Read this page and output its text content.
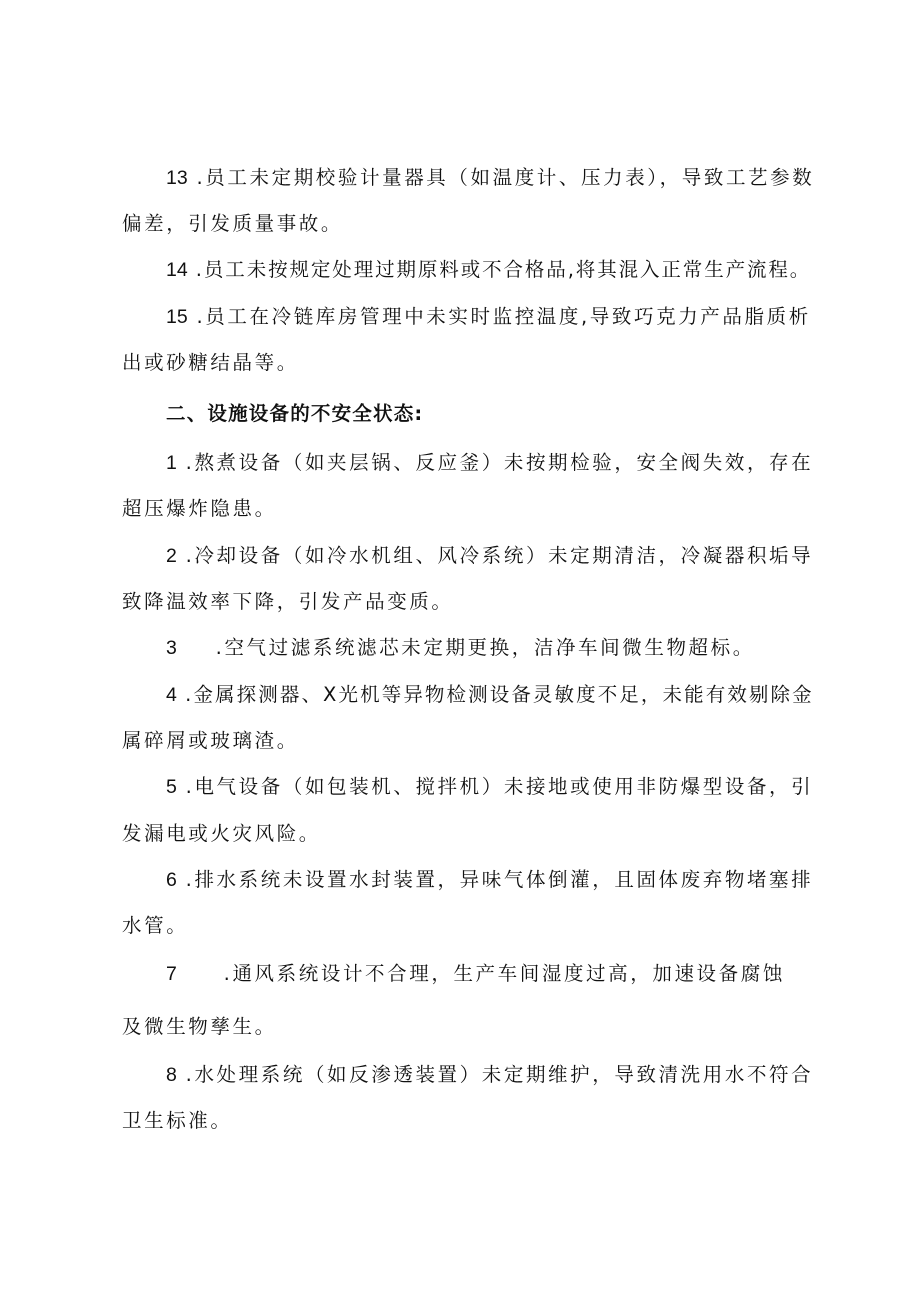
13 .员工未定期校验计量器具（如温度计、压力表），导致工艺参数
偏差，引发质量事故。
14 .员工未按规定处理过期原料或不合格品,将其混入正常生产流程。
15 .员工在冷链库房管理中未实时监控温度,导致巧克力产品脂质析
出或砂糖结晶等。
二、设施设备的不安全状态:
1 .熬煮设备（如夹层锅、反应釜）未按期检验，安全阀失效，存在
超压爆炸隐患。
2 .冷却设备（如冷水机组、风冷系统）未定期清洁，冷凝器积垢导
致降温效率下降，引发产品变质。
3 .空气过滤系统滤芯未定期更换，洁净车间微生物超标。
4 .金属探测器、X光机等异物检测设备灵敏度不足，未能有效剔除金
属碎屑或玻璃渣。
5 .电气设备（如包装机、搅拌机）未接地或使用非防爆型设备，引
发漏电或火灾风险。
6 .排水系统未设置水封装置，异味气体倒灌，且固体废弃物堵塞排
水管。
7 .通风系统设计不合理，生产车间湿度过高，加速设备腐蚀
及微生物孳生。
8 .水处理系统（如反渗透装置）未定期维护，导致清洗用水不符合
卫生标准。
